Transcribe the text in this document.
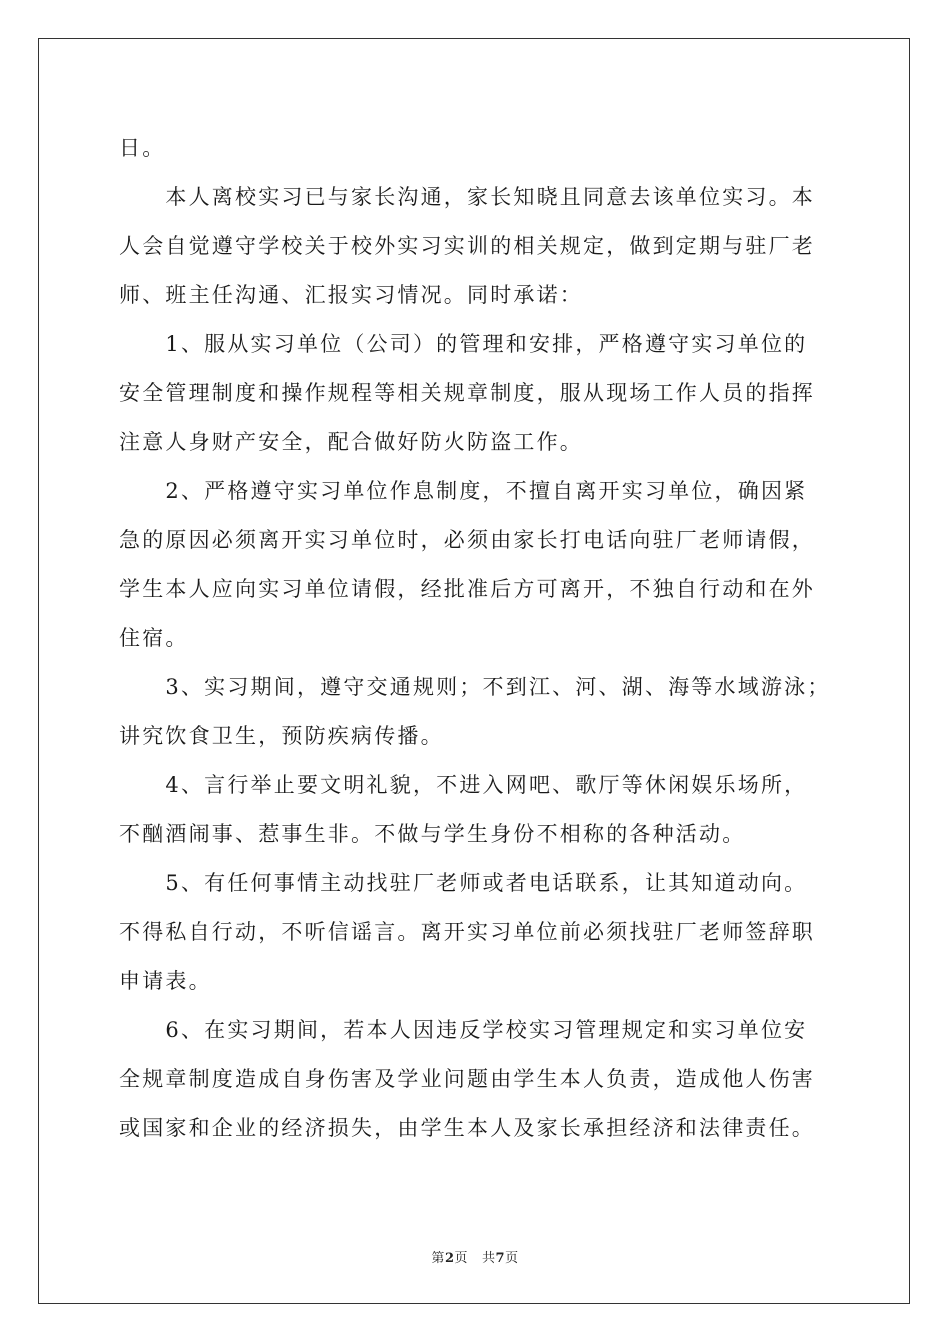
日。
　　本人离校实习已与家长沟通，家长知晓且同意去该单位实习。本
人会自觉遵守学校关于校外实习实训的相关规定，做到定期与驻厂老
师、班主任沟通、汇报实习情况。同时承诺：
　　1、服从实习单位（公司）的管理和安排，严格遵守实习单位的
安全管理制度和操作规程等相关规章制度，服从现场工作人员的指挥
注意人身财产安全，配合做好防火防盗工作。
　　2、严格遵守实习单位作息制度，不擅自离开实习单位，确因紧
急的原因必须离开实习单位时，必须由家长打电话向驻厂老师请假，
学生本人应向实习单位请假，经批准后方可离开，不独自行动和在外
住宿。
　　3、实习期间，遵守交通规则；不到江、河、湖、海等水域游泳；
讲究饮食卫生，预防疾病传播。
　　4、言行举止要文明礼貌，不进入网吧、歌厅等休闲娱乐场所，
不酗酒闹事、惹事生非。不做与学生身份不相称的各种活动。
　　5、有任何事情主动找驻厂老师或者电话联系，让其知道动向。
不得私自行动，不听信谣言。离开实习单位前必须找驻厂老师签辞职
申请表。
　　6、在实习期间，若本人因违反学校实习管理规定和实习单位安
全规章制度造成自身伤害及学业问题由学生本人负责，造成他人伤害
或国家和企业的经济损失，由学生本人及家长承担经济和法律责任。

第2页 共7页
